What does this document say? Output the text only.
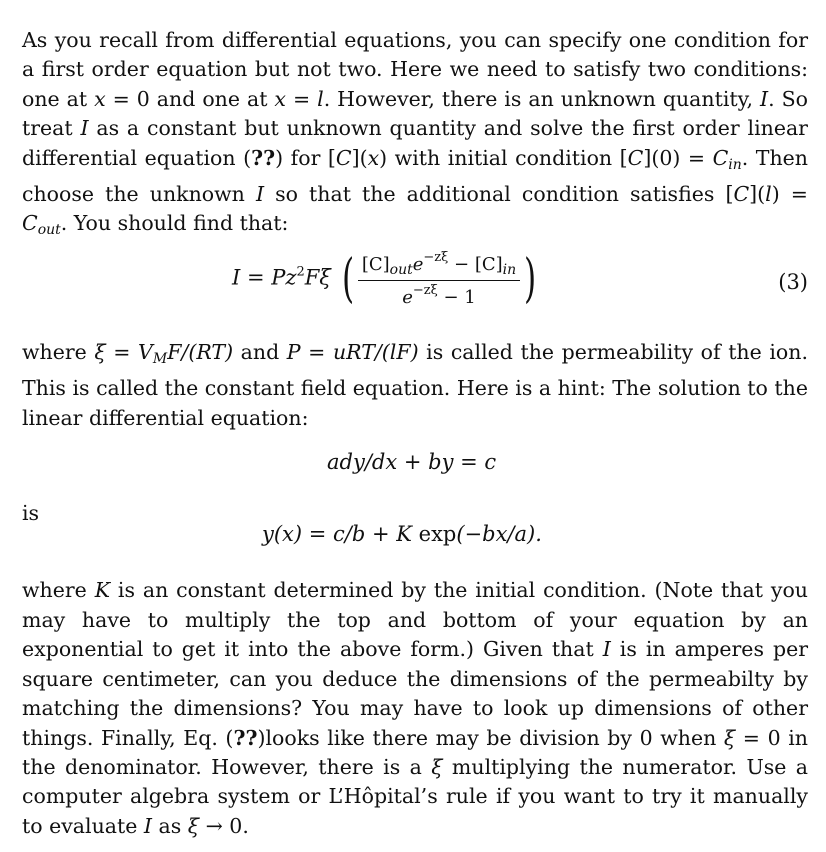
As you recall from differential equations, you can specify one condition for a first order equation but not two. Here we need to satisfy two conditions: one at x = 0 and one at x = l. However, there is an unknown quantity, I. So treat I as a constant but unknown quantity and solve the first order linear differential equation (??) for [C](x) with initial condition $[C](0) = C_{in}$. Then choose the unknown I so that the additional condition satisfies $[C](l) = C_{out}$. You should find that:

$I = Pz^2F\xi$ ( $\frac{[C]_{out}e^{-z\xi} - [C]_{in}}{e^{-z\xi} - 1}$ )	(3)

where $\xi = V_MF/(RT)$ and P = uRT/(lF) is called the permeability of the ion. This is called the constant field equation. Here is a hint: The solution to the linear differential equation:

ady/dx + by = c

is

y(x) = c/b + K exp(−bx/a).

where K is an constant determined by the initial condition. (Note that you may have to multiply the top and bottom of your equation by an exponential to get it into the above form.) Given that I is in amperes per square centimeter, can you deduce the dimensions of the permeabilty by matching the dimensions? You may have to look up dimensions of other things. Finally, Eq. (??)looks like there may be division by 0 when ξ = 0 in the denominator. However, there is a ξ multiplying the numerator. Use a computer algebra system or L’Hôpital’s rule if you want to try it manually to evaluate I as ξ → 0.
